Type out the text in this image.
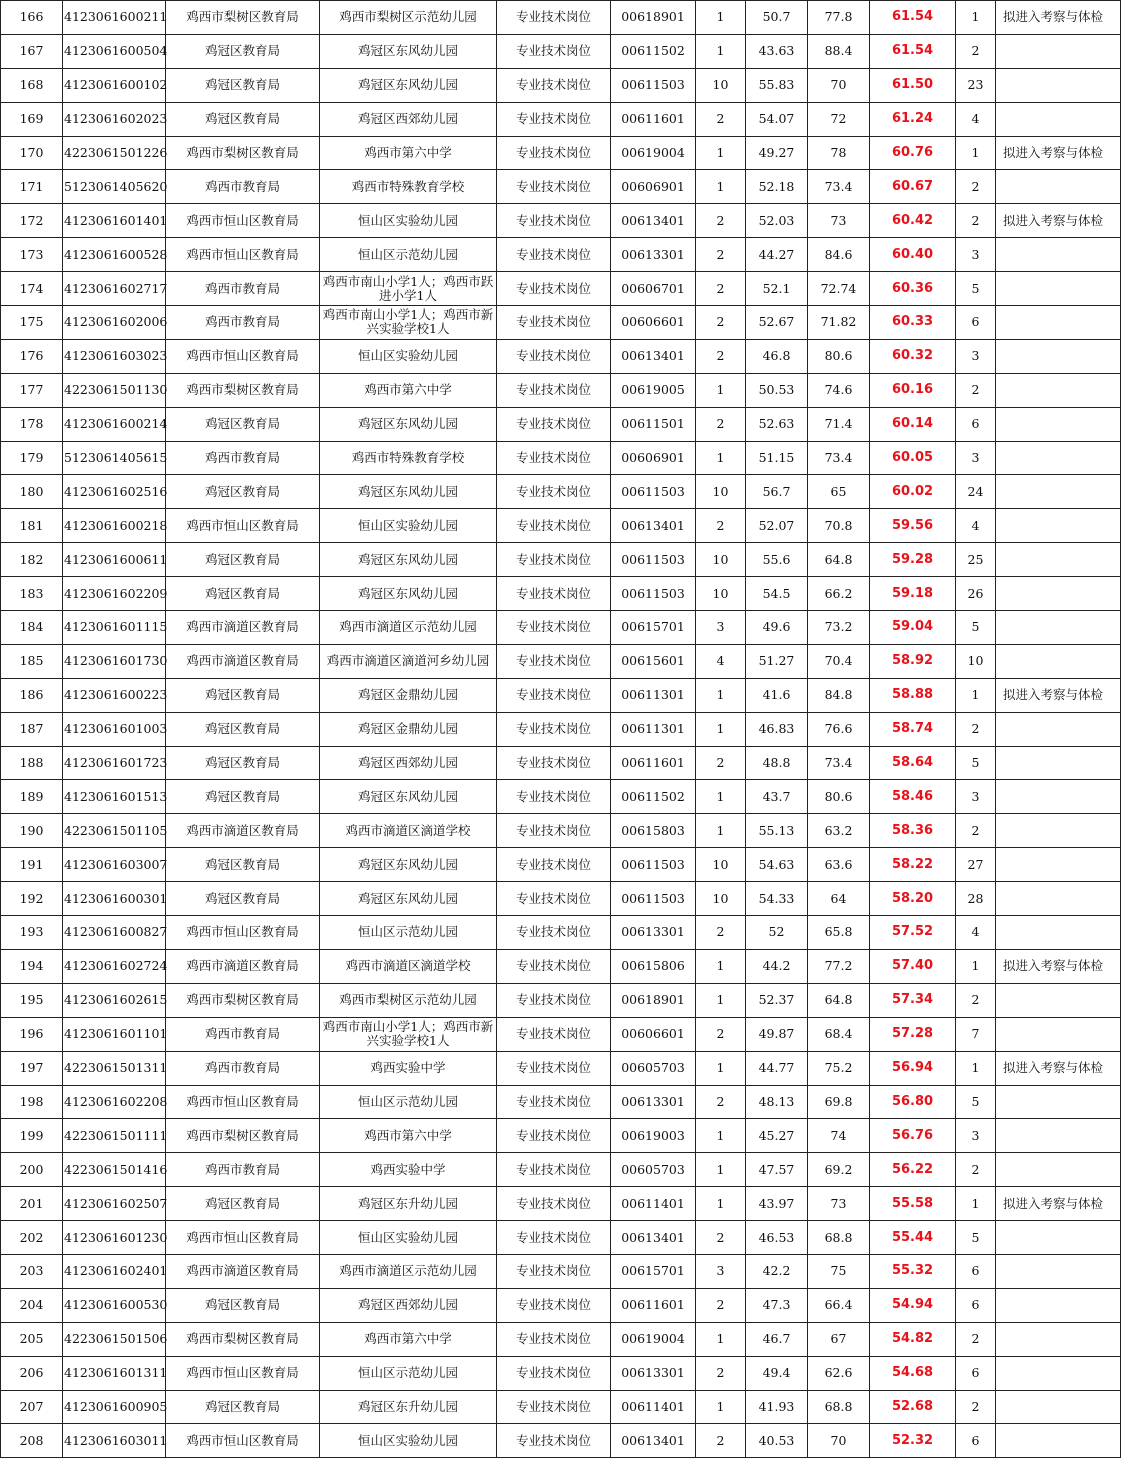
166	4123061600211	鸡西市梨树区教育局	鸡西市梨树区示范幼儿园	专业技术岗位	00618901	1	50.7	77.8	61.54	1	拟进入考察与体检
167	4123061600504	鸡冠区教育局	鸡冠区东风幼儿园	专业技术岗位	00611502	1	43.63	88.4	61.54	2	
168	4123061600102	鸡冠区教育局	鸡冠区东风幼儿园	专业技术岗位	00611503	10	55.83	70	61.50	23	
169	4123061602023	鸡冠区教育局	鸡冠区西郊幼儿园	专业技术岗位	00611601	2	54.07	72	61.24	4	
170	4223061501226	鸡西市梨树区教育局	鸡西市第六中学	专业技术岗位	00619004	1	49.27	78	60.76	1	拟进入考察与体检
171	5123061405620	鸡西市教育局	鸡西市特殊教育学校	专业技术岗位	00606901	1	52.18	73.4	60.67	2	
172	4123061601401	鸡西市恒山区教育局	恒山区实验幼儿园	专业技术岗位	00613401	2	52.03	73	60.42	2	拟进入考察与体检
173	4123061600528	鸡西市恒山区教育局	恒山区示范幼儿园	专业技术岗位	00613301	2	44.27	84.6	60.40	3	
174	4123061602717	鸡西市教育局	鸡西市南山小学1人；鸡西市跃进小学1人	专业技术岗位	00606701	2	52.1	72.74	60.36	5	
175	4123061602006	鸡西市教育局	鸡西市南山小学1人；鸡西市新兴实验学校1人	专业技术岗位	00606601	2	52.67	71.82	60.33	6	
176	4123061603023	鸡西市恒山区教育局	恒山区实验幼儿园	专业技术岗位	00613401	2	46.8	80.6	60.32	3	
177	4223061501130	鸡西市梨树区教育局	鸡西市第六中学	专业技术岗位	00619005	1	50.53	74.6	60.16	2	
178	4123061600214	鸡冠区教育局	鸡冠区东风幼儿园	专业技术岗位	00611501	2	52.63	71.4	60.14	6	
179	5123061405615	鸡西市教育局	鸡西市特殊教育学校	专业技术岗位	00606901	1	51.15	73.4	60.05	3	
180	4123061602516	鸡冠区教育局	鸡冠区东风幼儿园	专业技术岗位	00611503	10	56.7	65	60.02	24	
181	4123061600218	鸡西市恒山区教育局	恒山区实验幼儿园	专业技术岗位	00613401	2	52.07	70.8	59.56	4	
182	4123061600611	鸡冠区教育局	鸡冠区东风幼儿园	专业技术岗位	00611503	10	55.6	64.8	59.28	25	
183	4123061602209	鸡冠区教育局	鸡冠区东风幼儿园	专业技术岗位	00611503	10	54.5	66.2	59.18	26	
184	4123061601115	鸡西市滴道区教育局	鸡西市滴道区示范幼儿园	专业技术岗位	00615701	3	49.6	73.2	59.04	5	
185	4123061601730	鸡西市滴道区教育局	鸡西市滴道区滴道河乡幼儿园	专业技术岗位	00615601	4	51.27	70.4	58.92	10	
186	4123061600223	鸡冠区教育局	鸡冠区金鼎幼儿园	专业技术岗位	00611301	1	41.6	84.8	58.88	1	拟进入考察与体检
187	4123061601003	鸡冠区教育局	鸡冠区金鼎幼儿园	专业技术岗位	00611301	1	46.83	76.6	58.74	2	
188	4123061601723	鸡冠区教育局	鸡冠区西郊幼儿园	专业技术岗位	00611601	2	48.8	73.4	58.64	5	
189	4123061601513	鸡冠区教育局	鸡冠区东风幼儿园	专业技术岗位	00611502	1	43.7	80.6	58.46	3	
190	4223061501105	鸡西市滴道区教育局	鸡西市滴道区滴道学校	专业技术岗位	00615803	1	55.13	63.2	58.36	2	
191	4123061603007	鸡冠区教育局	鸡冠区东风幼儿园	专业技术岗位	00611503	10	54.63	63.6	58.22	27	
192	4123061600301	鸡冠区教育局	鸡冠区东风幼儿园	专业技术岗位	00611503	10	54.33	64	58.20	28	
193	4123061600827	鸡西市恒山区教育局	恒山区示范幼儿园	专业技术岗位	00613301	2	52	65.8	57.52	4	
194	4123061602724	鸡西市滴道区教育局	鸡西市滴道区滴道学校	专业技术岗位	00615806	1	44.2	77.2	57.40	1	拟进入考察与体检
195	4123061602615	鸡西市梨树区教育局	鸡西市梨树区示范幼儿园	专业技术岗位	00618901	1	52.37	64.8	57.34	2	
196	4123061601101	鸡西市教育局	鸡西市南山小学1人；鸡西市新兴实验学校1人	专业技术岗位	00606601	2	49.87	68.4	57.28	7	
197	4223061501311	鸡西市教育局	鸡西实验中学	专业技术岗位	00605703	1	44.77	75.2	56.94	1	拟进入考察与体检
198	4123061602208	鸡西市恒山区教育局	恒山区示范幼儿园	专业技术岗位	00613301	2	48.13	69.8	56.80	5	
199	4223061501111	鸡西市梨树区教育局	鸡西市第六中学	专业技术岗位	00619003	1	45.27	74	56.76	3	
200	4223061501416	鸡西市教育局	鸡西实验中学	专业技术岗位	00605703	1	47.57	69.2	56.22	2	
201	4123061602507	鸡冠区教育局	鸡冠区东升幼儿园	专业技术岗位	00611401	1	43.97	73	55.58	1	拟进入考察与体检
202	4123061601230	鸡西市恒山区教育局	恒山区实验幼儿园	专业技术岗位	00613401	2	46.53	68.8	55.44	5	
203	4123061602401	鸡西市滴道区教育局	鸡西市滴道区示范幼儿园	专业技术岗位	00615701	3	42.2	75	55.32	6	
204	4123061600530	鸡冠区教育局	鸡冠区西郊幼儿园	专业技术岗位	00611601	2	47.3	66.4	54.94	6	
205	4223061501506	鸡西市梨树区教育局	鸡西市第六中学	专业技术岗位	00619004	1	46.7	67	54.82	2	
206	4123061601311	鸡西市恒山区教育局	恒山区示范幼儿园	专业技术岗位	00613301	2	49.4	62.6	54.68	6	
207	4123061600905	鸡冠区教育局	鸡冠区东升幼儿园	专业技术岗位	00611401	1	41.93	68.8	52.68	2	
208	4123061603011	鸡西市恒山区教育局	恒山区实验幼儿园	专业技术岗位	00613401	2	40.53	70	52.32	6	
